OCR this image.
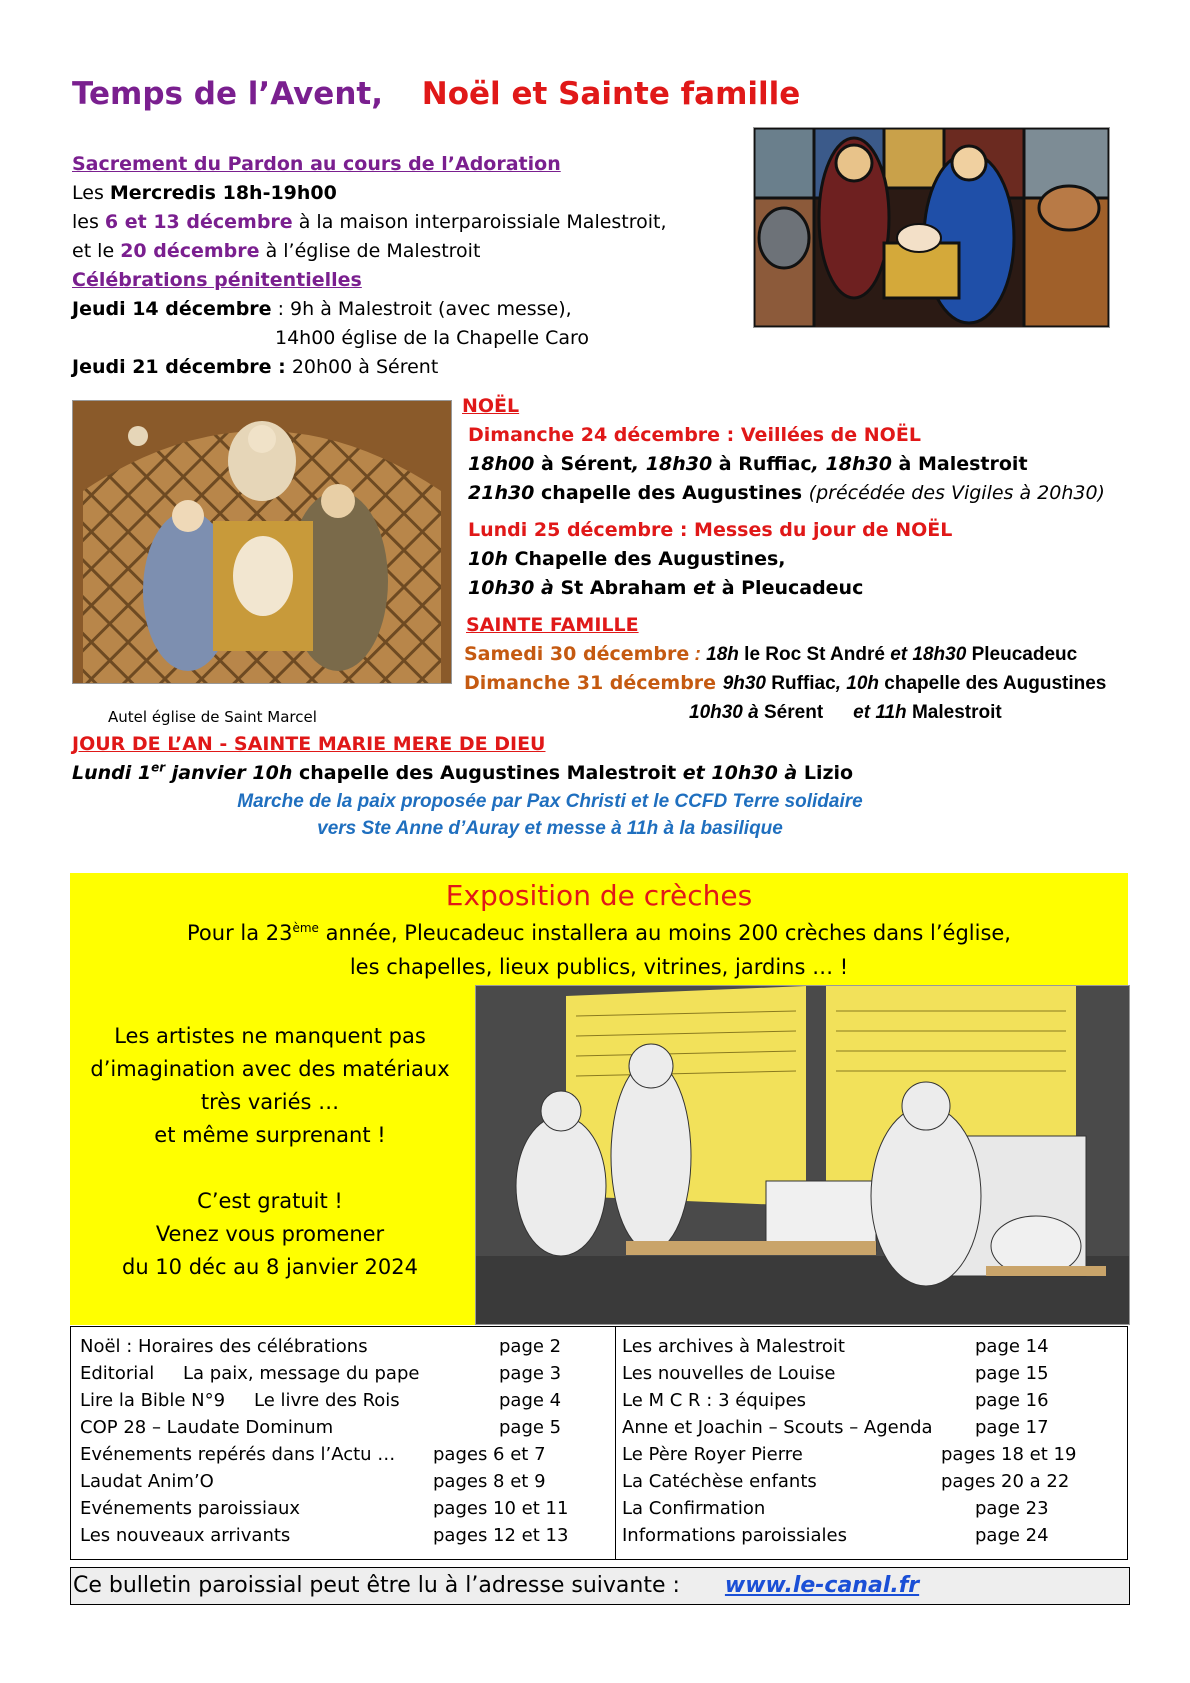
Temps de l’Avent, Noël et Sainte famille
Sacrement du Pardon au cours de l’Adoration
Les Mercredis 18h-19h00
les 6 et 13 décembre à la maison interparoissiale Malestroit,
et le 20 décembre à l’église de Malestroit
Célébrations pénitentielles
Jeudi 14 décembre : 9h à Malestroit (avec messe),
14h00 église de la Chapelle Caro
Jeudi 21 décembre : 20h00 à Sérent
Autel église de Saint Marcel
NOËL
Dimanche 24 décembre : Veillées de NOËL
18h00 à Sérent, 18h30 à Ruffiac, 18h30 à Malestroit
21h30 chapelle des Augustines (précédée des Vigiles à 20h30)
Lundi 25 décembre : Messes du jour de NOËL
10h Chapelle des Augustines,
10h30 à St Abraham et à Pleucadeuc
SAINTE FAMILLE
Samedi 30 décembre : 18h le Roc St André et 18h30 Pleucadeuc
Dimanche 31 décembre 9h30 Ruffiac, 10h chapelle des Augustines
10h30 à Sérent et 11h Malestroit
JOUR DE L’AN - SAINTE MARIE MERE DE DIEU
Lundi 1er janvier 10h chapelle des Augustines Malestroit et 10h30 à Lizio
Marche de la paix proposée par Pax Christi et le CCFD Terre solidaire
vers Ste Anne d’Auray et messe à 11h à la basilique
Exposition de crèches
Pour la 23ème année, Pleucadeuc installera au moins 200 crèches dans l’église,
les chapelles, lieux publics, vitrines, jardins … !
Les artistes ne manquent pas
d’imagination avec des matériaux
très variés …
et même surprenant !
C’est gratuit !
Venez vous promener
du 10 déc au 8 janvier 2024
Noël : Horaires des célébrations	page 2
Editorial La paix, message du pape	page 3
Lire la Bible N°9 Le livre des Rois	page 4
COP 28 – Laudate Dominum	page 5
Evénements repérés dans l’Actu … pages 6 et 7
Laudat Anim’O	pages 8 et 9
Evénements paroissiaux	pages 10 et 11
Les nouveaux arrivants	pages 12 et 13
Les archives à Malestroit	page 14
Les nouvelles de Louise	page 15
Le M C R : 3 équipes	page 16
Anne et Joachin – Scouts – Agenda page 17
Le Père Royer Pierre	pages 18 et 19
La Catéchèse enfants	pages 20 a 22
La Confirmation	page 23
Informations paroissiales	page 24
Ce bulletin paroissial peut être lu à l’adresse suivante : www.le-canal.fr
